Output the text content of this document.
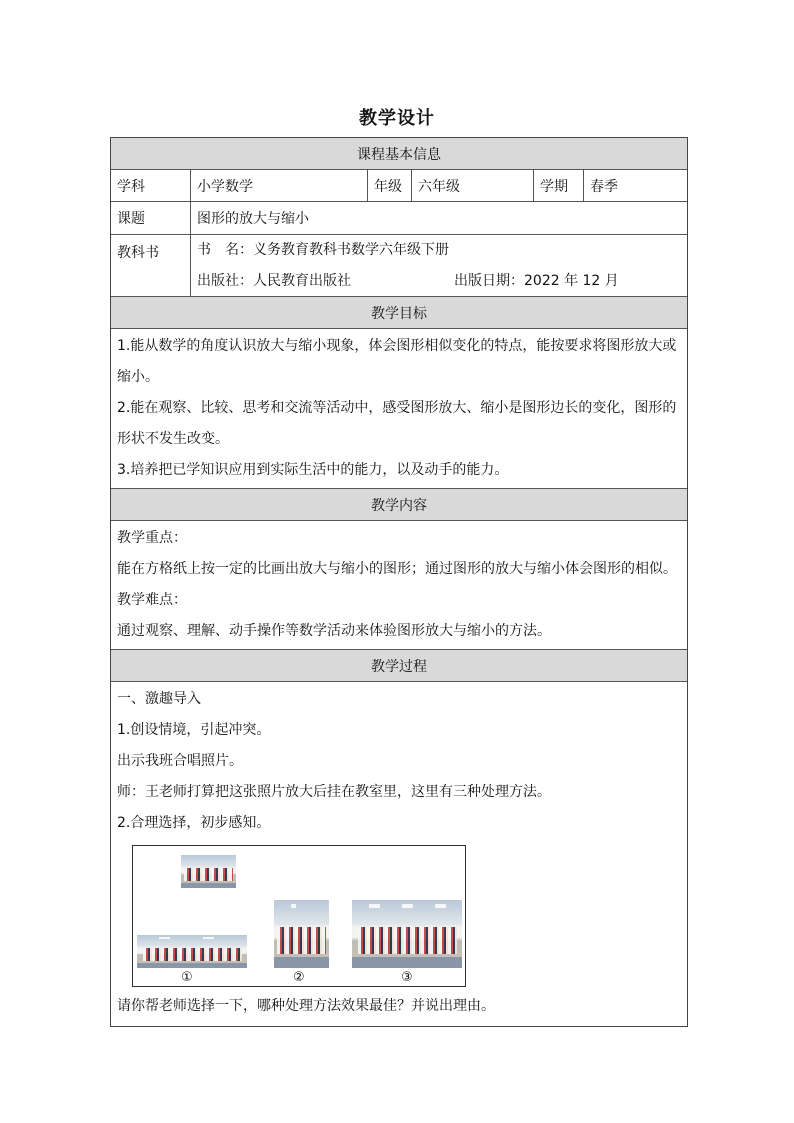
教学设计
课程基本信息
学科	小学数学	年级	六年级	学期	春季
课题	图形的放大与缩小
教科书	书　名：义务教育教科书数学六年级下册
出版社：人民教育出版社	出版日期：2022 年 12 月
教学目标
1.能从数学的角度认识放大与缩小现象，体会图形相似变化的特点，能按要求将图形放大或
缩小。
2.能在观察、比较、思考和交流等活动中，感受图形放大、缩小是图形边长的变化，图形的
形状不发生改变。
3.培养把已学知识应用到实际生活中的能力，以及动手的能力。
教学内容
教学重点：
能在方格纸上按一定的比画出放大与缩小的图形；通过图形的放大与缩小体会图形的相似。
教学难点：
通过观察、理解、动手操作等数学活动来体验图形放大与缩小的方法。
教学过程
一、激趣导入
1.创设情境，引起冲突。
出示我班合唱照片。
师：王老师打算把这张照片放大后挂在教室里，这里有三种处理方法。
2.合理选择，初步感知。
①	②	③
请你帮老师选择一下，哪种处理方法效果最佳？并说出理由。
